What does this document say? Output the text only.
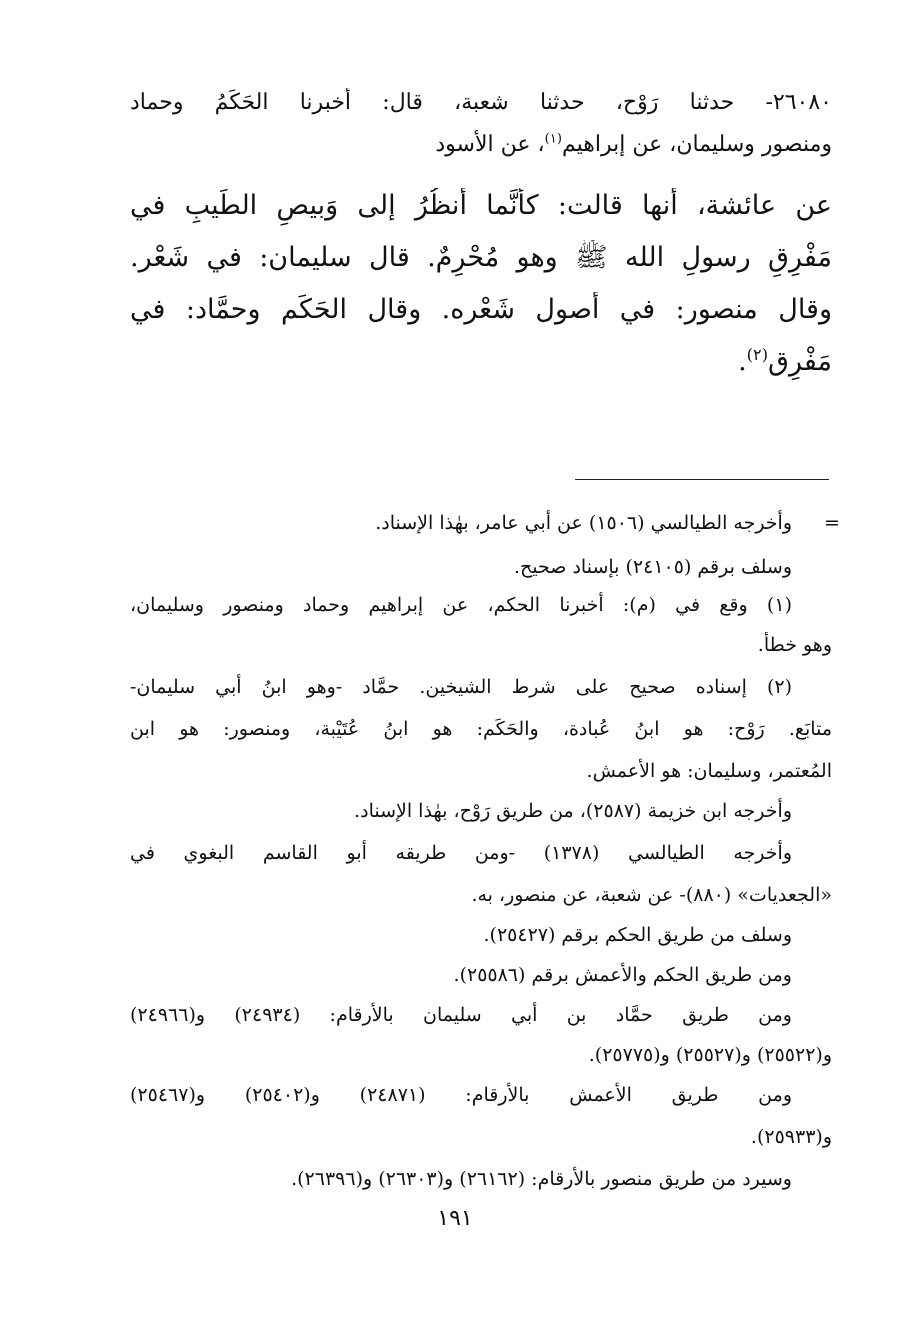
٢٦٠٨٠- حدثنا رَوْح، حدثنا شعبة، قال: أخبرنا الحَكَمُ وحماد
ومنصور وسليمان، عن إبراهيم$^{(١)}$، عن الأسود
عن عائشة، أنها قالت: كأنَّما أَنظُرُ إلى وَبيصِ الطِّيبِ في
مَفْرِقِ رسولِ الله ﷺ وهو مُحْرِمٌ. قال سليمان: في شَعْر.
وقال منصور: في أصول شَعْره. وقال الحَكَم وحمَّاد: في
مَفْرِق$^{(٢)}$.
=
وأخرجه الطيالسي (١٥٠٦) عن أبي عامر، بهٰذا الإسناد.
وسلف برقم (٢٤١٠٥) بإسناد صحيح.
(١) وقع في (م): أخبرنا الحكم، عن إبراهيم وحماد ومنصور وسليمان،
وهو خطأ.
(٢) إسناده صحيح على شرط الشيخين. حمَّاد -وهو ابنُ أبي سليمان-
متابَع. رَوْح: هو ابنُ عُبادة، والحَكَم: هو ابنُ عُتَيْبة، ومنصور: هو ابن
المُعتمر، وسليمان: هو الأعمش.
وأخرجه ابن خزيمة (٢٥٨٧)، من طريق رَوْح، بهٰذا الإسناد.
وأخرجه الطيالسي (١٣٧٨) -ومن طريقه أبو القاسم البغوي في
«الجعديات» (٨٨٠)- عن شعبة، عن منصور، به.
وسلف من طريق الحكم برقم (٢٥٤٢٧).
ومن طريق الحكم والأعمش برقم (٢٥٥٨٦).
ومن طريق حمَّاد بن أبي سليمان بالأرقام: (٢٤٩٣٤) و(٢٤٩٦٦)
و(٢٥٥٢٢) و(٢٥٥٢٧) و(٢٥٧٧٥).
ومن طريق الأعمش بالأرقام: (٢٤٨٧١) و(٢٥٤٠٢) و(٢٥٤٦٧)
و(٢٥٩٣٣).
وسيرد من طريق منصور بالأرقام: (٢٦١٦٢) و(٢٦٣٠٣) و(٢٦٣٩٦).
١٩١
